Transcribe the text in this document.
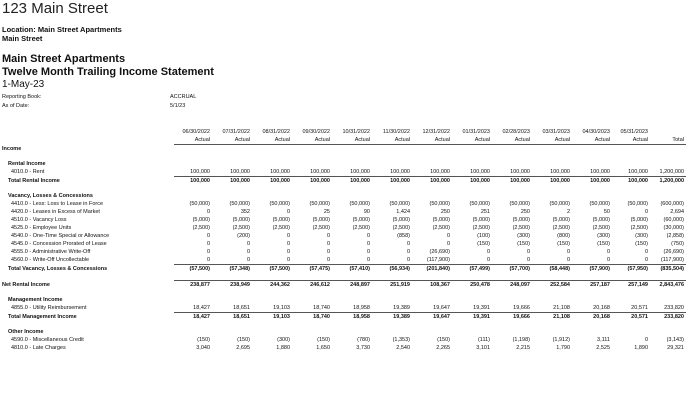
123 Main Street
Location: Main Street Apartments
Main Street
Main Street Apartments
Twelve Month Trailing Income Statement
1-May-23
Reporting Book:	ACCRUAL
As of Date:	5/1/23
	06/30/2022	07/31/2022	08/31/2022	09/30/2022	10/31/2022	11/30/2022	12/31/2022	01/31/2023	02/28/2023	03/31/2023	04/30/2023	05/31/2023	
	Actual	Actual	Actual	Actual	Actual	Actual	Actual	Actual	Actual	Actual	Actual	Actual	Total
Income													

Rental Income													
4010.0 - Rent	100,000	100,000	100,000	100,000	100,000	100,000	100,000	100,000	100,000	100,000	100,000	100,000	1,200,000
Total Rental Income	100,000	100,000	100,000	100,000	100,000	100,000	100,000	100,000	100,000	100,000	100,000	100,000	1,200,000

Vacancy, Losses & Concessions													
4410.0 - Less: Loss to Lease in Force	(50,000)	(50,000)	(50,000)	(50,000)	(50,000)	(50,000)	(50,000)	(50,000)	(50,000)	(50,000)	(50,000)	(50,000)	(600,000)
4420.0 - Leases in Excess of Market	0	352	0	25	90	1,424	250	251	250	2	50	0	2,694
4510.0 - Vacancy Loss	(5,000)	(5,000)	(5,000)	(5,000)	(5,000)	(5,000)	(5,000)	(5,000)	(5,000)	(5,000)	(5,000)	(5,000)	(60,000)
4525.0 - Employee Units	(2,500)	(2,500)	(2,500)	(2,500)	(2,500)	(2,500)	(2,500)	(2,500)	(2,500)	(2,500)	(2,500)	(2,500)	(30,000)
4540.0 - One-Time Special or Allowance	0	(200)	0	0	0	(858)	0	(100)	(300)	(800)	(300)	(300)	(2,858)
4545.0 - Concession Prorated of Lease	0	0	0	0	0	0	0	(150)	(150)	(150)	(150)	(150)	(750)
4555.0 - Administrative Write-Off	0	0	0	0	0	0	(26,690)	0	0	0	0	0	(26,690)
4560.0 - Write-Off Uncollectable	0	0	0	0	0	0	(117,900)	0	0	0	0	0	(117,900)
Total Vacancy, Losses & Concessions	(57,500)	(57,348)	(57,500)	(57,475)	(57,410)	(56,934)	(201,840)	(57,499)	(57,700)	(58,448)	(57,900)	(57,950)	(835,504)

Net Rental Income	238,877	238,949	244,362	246,612	248,897	251,919	108,367	250,478	248,097	252,584	257,187	257,149	2,843,476

Management Income													
4855.0 - Utility Reimbursement	18,427	18,651	19,103	18,740	18,958	19,389	19,647	19,391	19,666	21,108	20,168	20,571	233,820
Total Management Income	18,427	18,651	19,103	18,740	18,958	19,389	19,647	19,391	19,666	21,108	20,168	20,571	233,820

Other Income													
4590.0 - Miscellaneous Credit	(150)	(150)	(300)	(150)	(780)	(1,353)	(150)	(111)	(1,198)	(1,912)	3,111	0	(3,143)
4810.0 - Late Charges	3,040	2,695	1,880	1,650	3,730	2,540	2,265	3,101	2,215	1,790	2,525	1,890	29,321
